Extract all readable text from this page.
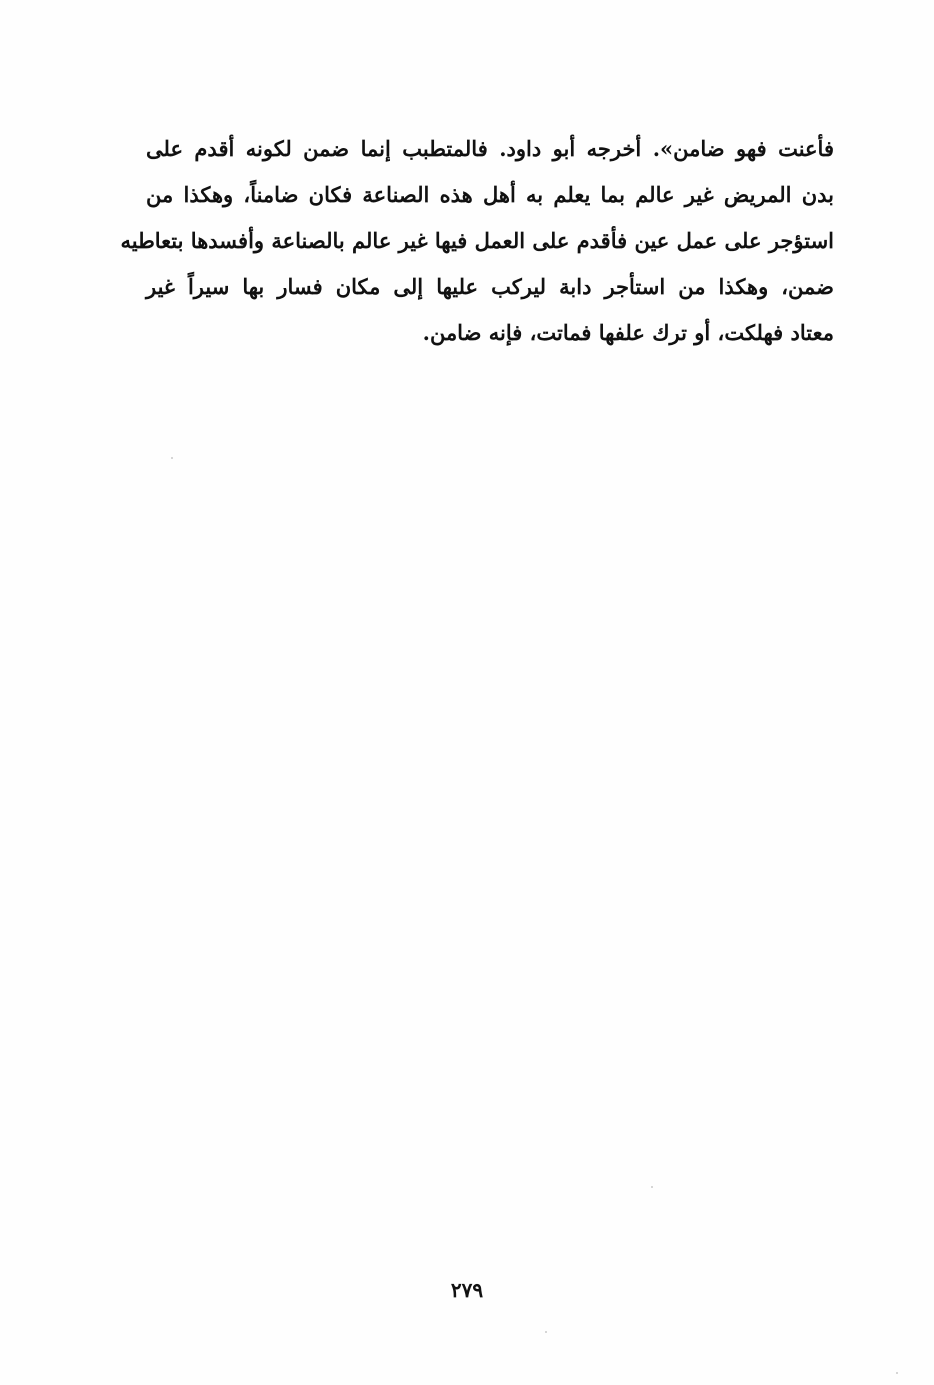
فأعنت فهو ضامن». أخرجه أبو داود. فالمتطبب إنما ضمن لكونه أقدم على
بدن المريض غير عالم بما يعلم به أهل هذه الصناعة فكان ضامناً، وهكذا من
استؤجر على عمل عين فأقدم على العمل فيها غير عالم بالصناعة وأفسدها بتعاطيه
ضمن، وهكذا من استأجر دابة ليركب عليها إلى مكان فسار بها سيراً غير
معتاد فهلكت، أو ترك علفها فماتت، فإنه ضامن.
٢٧٩
